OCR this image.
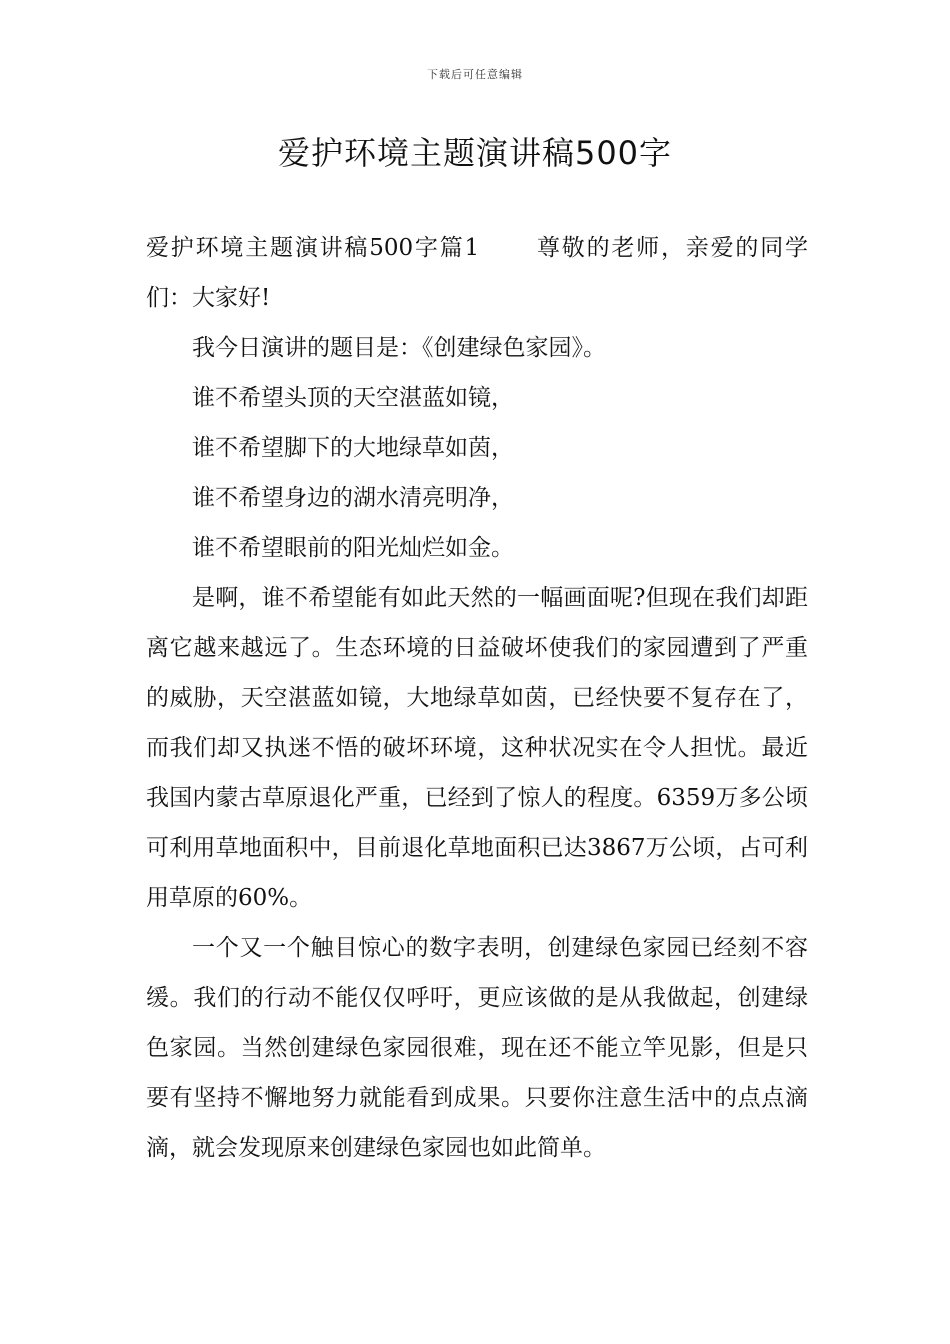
下载后可任意编辑
爱护环境主题演讲稿500字

爱护环境主题演讲稿500字篇1 尊敬的老师，亲爱的同学们：大家好!

我今日演讲的题目是：《创建绿色家园》。

谁不希望头顶的天空湛蓝如镜，

谁不希望脚下的大地绿草如茵，

谁不希望身边的湖水清亮明净，

谁不希望眼前的阳光灿烂如金。

是啊，谁不希望能有如此天然的一幅画面呢?但现在我们却距离它越来越远了。生态环境的日益破坏使我们的家园遭到了严重的威胁，天空湛蓝如镜，大地绿草如茵，已经快要不复存在了，而我们却又执迷不悟的破坏环境，这种状况实在令人担忧。最近我国内蒙古草原退化严重，已经到了惊人的程度。6359万多公顷可利用草地面积中，目前退化草地面积已达3867万公顷，占可利用草原的60%。

一个又一个触目惊心的数字表明，创建绿色家园已经刻不容缓。我们的行动不能仅仅呼吁，更应该做的是从我做起，创建绿色家园。当然创建绿色家园很难，现在还不能立竿见影，但是只要有坚持不懈地努力就能看到成果。只要你注意生活中的点点滴滴，就会发现原来创建绿色家园也如此简单。
